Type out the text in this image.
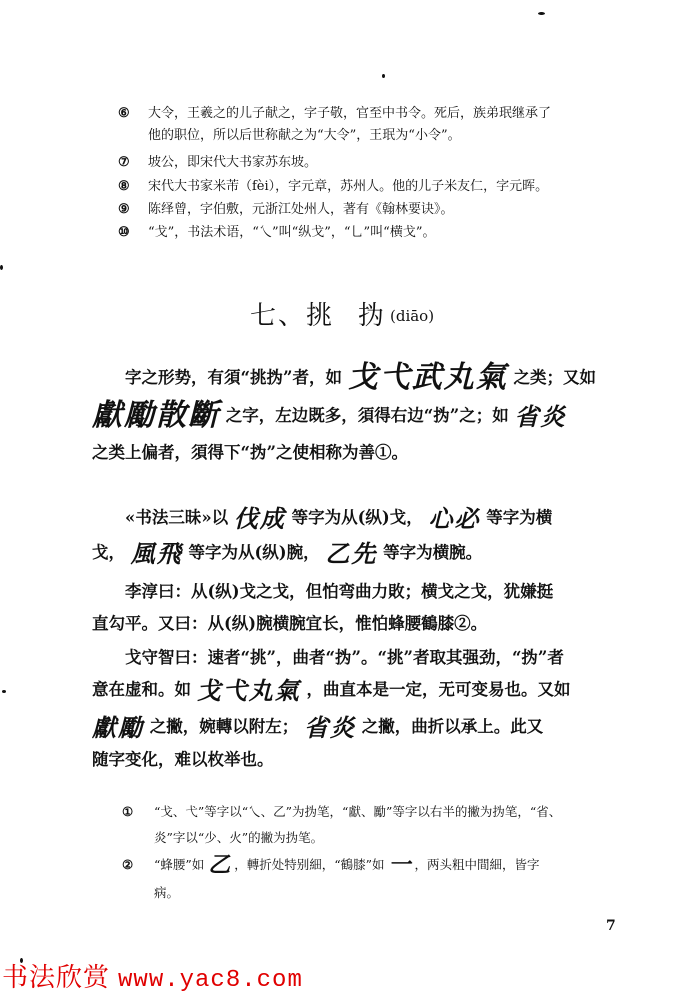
⑥ 大令，王羲之的儿子献之，字子敬，官至中书令。死后，族弟珉继承了
他的职位，所以后世称献之为“大令”，王珉为“小令”。
⑦ 坡公，即宋代大书家苏东坡。
⑧ 宋代大书家米芾（fèi），字元章，苏州人。他的儿子米友仁，字元晖。
⑨ 陈绎曾，字伯敷，元浙江处州人，著有《翰林要诀》。
⑩ “戈”，书法术语，“乀”叫“纵戈”，“乚”叫“横戈”。
七、挑 㧑 (diāo)
字之形势，有須“挑㧑”者，如 戈弋武丸氣 之类；又如
獻勵散斷 之字，左边既多，須得右边“㧑”之；如 省炎
之类上偏者，須得下“㧑”之使相称为善①。
«书法三昧»以 伐成 等字为从(纵)戈， 心必 等字为横
戈， 風飛 等字为从(纵)腕， 乙先 等字为横腕。
李淳曰：从(纵)戈之戈，但怕弯曲力敗；横戈之戈，犹嫌挺
直勾平。又曰：从(纵)腕横腕宜长，惟怕蜂腰鶴膝②。
戈守智曰：速者“挑”，曲者“㧑”。“挑”者取其强劲，“㧑”者
意在虚和。如 戈弋丸氣 ，曲直本是一定，无可变易也。又如
獻勵 之撇，婉轉以附左； 省炎 之撇，曲折以承上。此又
随字变化，难以枚举也。
① “戈、弋”等字以“乀、乙”为㧑笔，“獻、勵”等字以右半的撇为㧑笔，“省、
炎”字以“少、火”的撇为㧑笔。
② “蜂腰”如 乙 ，轉折处特别細，“鶴膝”如 一 ，两头粗中間細，皆字
病。
7
书法欣赏 www.yac8.com
